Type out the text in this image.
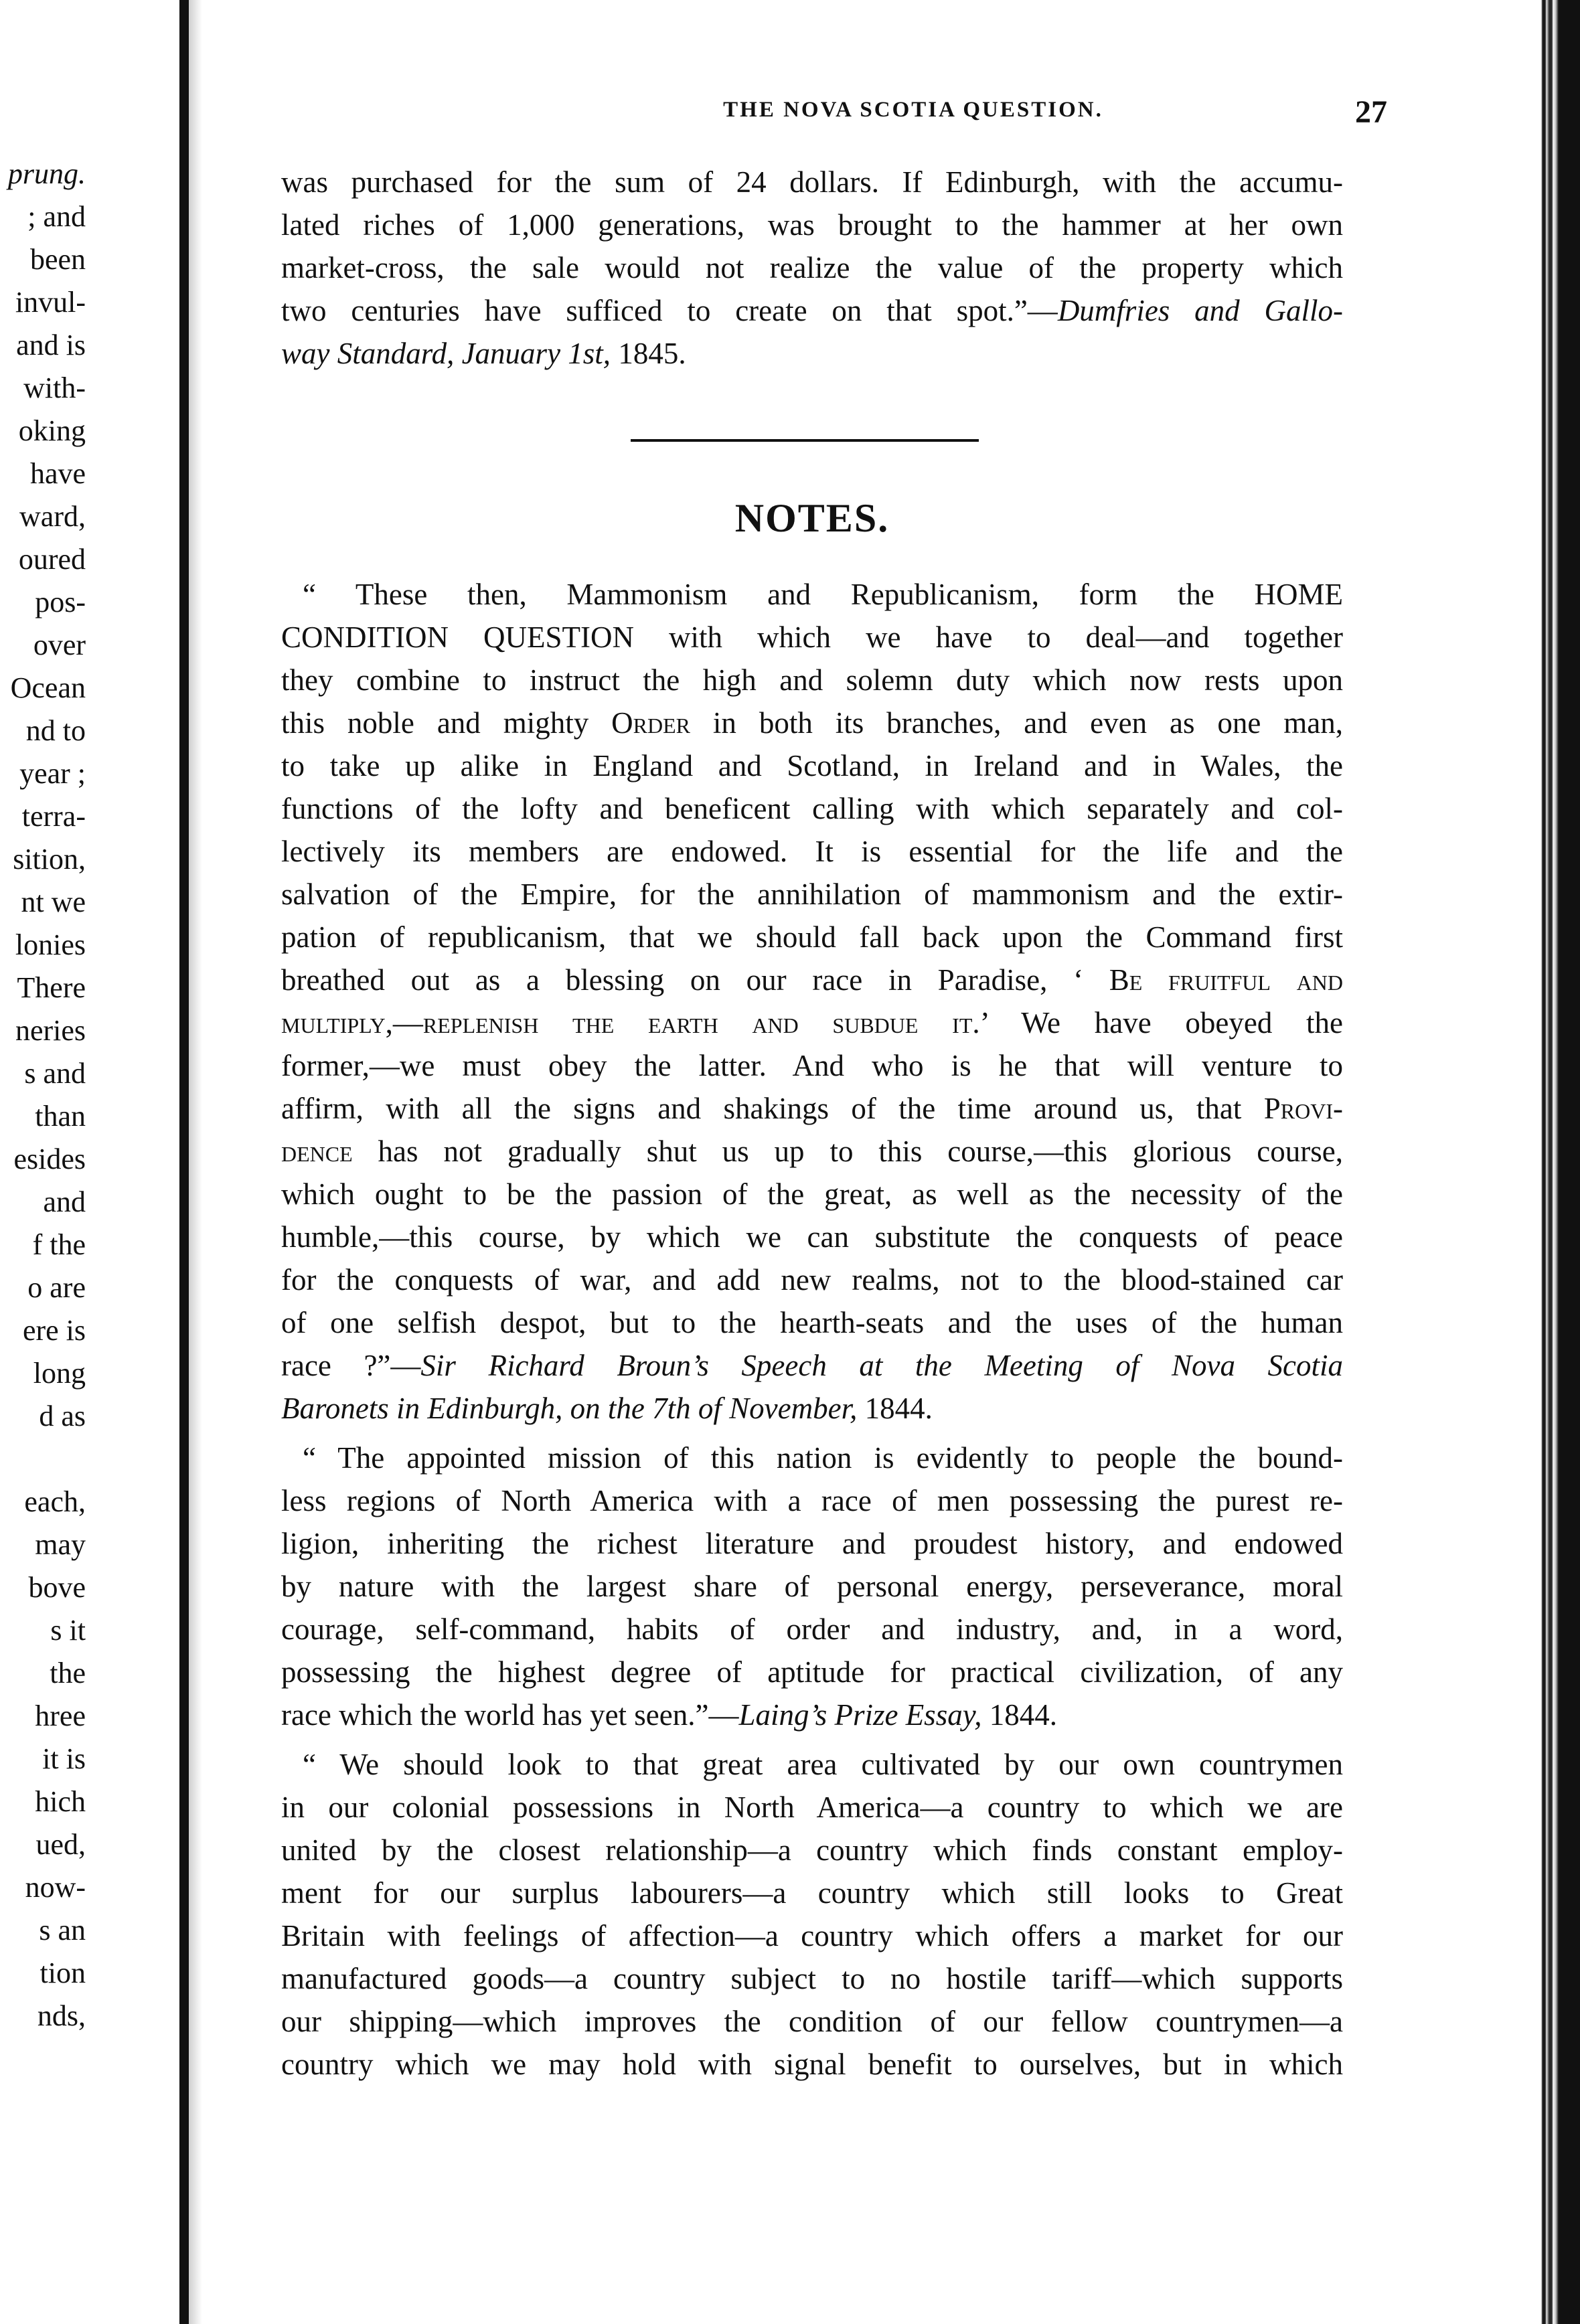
prung.
; and
been
invul-
and is
with-
oking
have
ward,
oured
pos-
over
Ocean
nd to
year ;
terra-
sition,
nt we
lonies
There
neries
s and
than
esides
and
f the
o are
ere is
long
d as
each,
may
bove
s it
the
hree
it is
hich
ued,
now-
s an
tion
nds,
THE NOVA SCOTIA QUESTION.	27
was purchased for the sum of 24 dollars. If Edinburgh, with the accumu-
lated riches of 1,000 generations, was brought to the hammer at her own
market-cross, the sale would not realize the value of the property which
two centuries have sufficed to create on that spot.”—Dumfries and Gallo-
way Standard, January 1st, 1845.
NOTES.
“ These then, Mammonism and Republicanism, form the HOME
CONDITION QUESTION with which we have to deal—and together
they combine to instruct the high and solemn duty which now rests upon
this noble and mighty Order in both its branches, and even as one man,
to take up alike in England and Scotland, in Ireland and in Wales, the
functions of the lofty and beneficent calling with which separately and col-
lectively its members are endowed. It is essential for the life and the
salvation of the Empire, for the annihilation of mammonism and the extir-
pation of republicanism, that we should fall back upon the Command first
breathed out as a blessing on our race in Paradise, ‘ Be fruitful and
multiply,—replenish the earth and subdue it.’ We have obeyed the
former,—we must obey the latter. And who is he that will venture to
affirm, with all the signs and shakings of the time around us, that Provi-
dence has not gradually shut us up to this course,—this glorious course,
which ought to be the passion of the great, as well as the necessity of the
humble,—this course, by which we can substitute the conquests of peace
for the conquests of war, and add new realms, not to the blood-stained car
of one selfish despot, but to the hearth-seats and the uses of the human
race ?”—Sir Richard Broun’s Speech at the Meeting of Nova Scotia
Baronets in Edinburgh, on the 7th of November, 1844.
“ The appointed mission of this nation is evidently to people the bound-
less regions of North America with a race of men possessing the purest re-
ligion, inheriting the richest literature and proudest history, and endowed
by nature with the largest share of personal energy, perseverance, moral
courage, self-command, habits of order and industry, and, in a word,
possessing the highest degree of aptitude for practical civilization, of any
race which the world has yet seen.”—Laing’s Prize Essay, 1844.
“ We should look to that great area cultivated by our own countrymen
in our colonial possessions in North America—a country to which we are
united by the closest relationship—a country which finds constant employ-
ment for our surplus labourers—a country which still looks to Great
Britain with feelings of affection—a country which offers a market for our
manufactured goods—a country subject to no hostile tariff—which supports
our shipping—which improves the condition of our fellow countrymen—a
country which we may hold with signal benefit to ourselves, but in which
